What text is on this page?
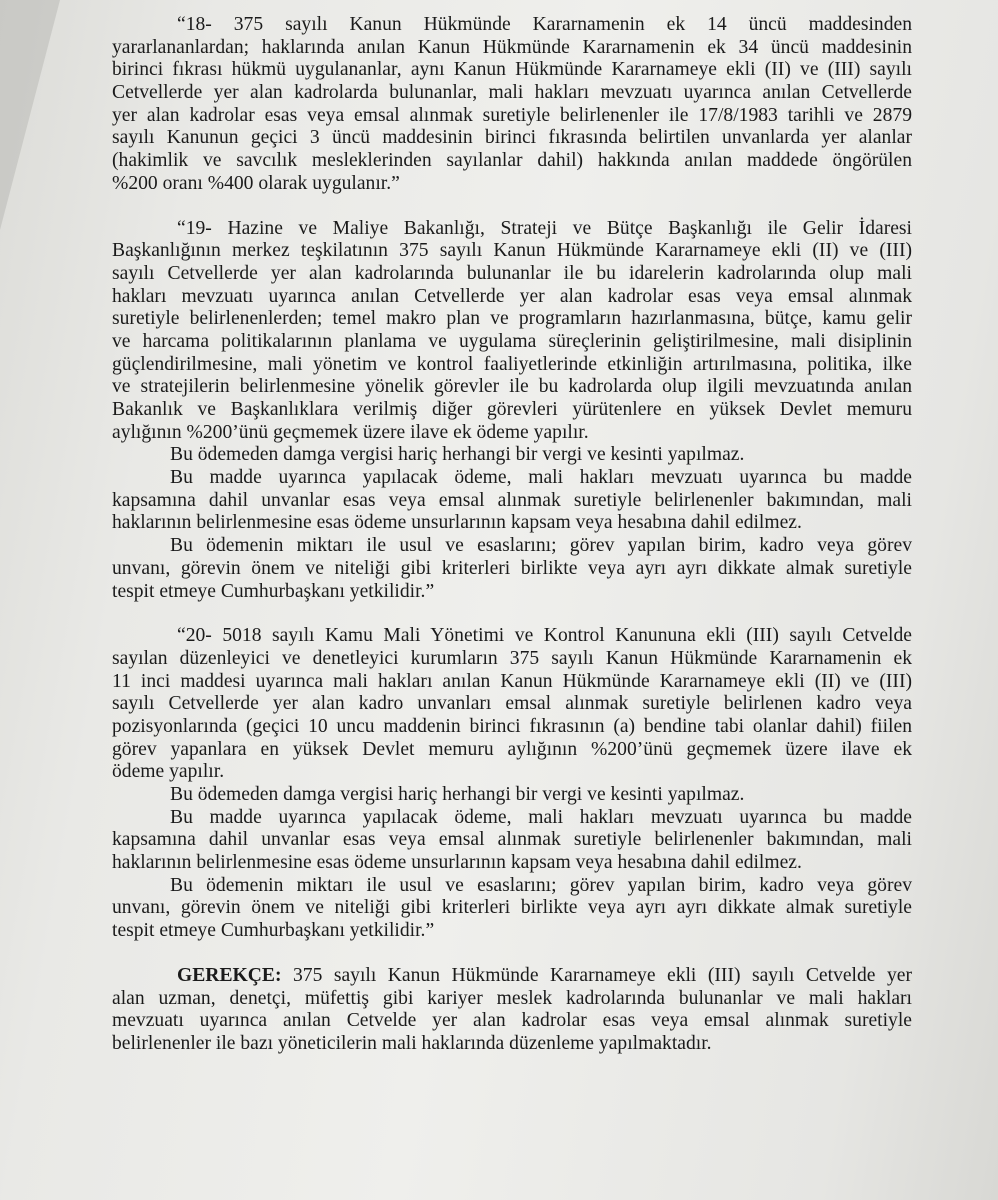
“18- 375 sayılı Kanun Hükmünde Kararnamenin ek 14 üncü maddesinden
yararlananlardan; haklarında anılan Kanun Hükmünde Kararnamenin ek 34 üncü maddesinin
birinci fıkrası hükmü uygulananlar, aynı Kanun Hükmünde Kararnameye ekli (II) ve (III) sayılı
Cetvellerde yer alan kadrolarda bulunanlar, mali hakları mevzuatı uyarınca anılan Cetvellerde
yer alan kadrolar esas veya emsal alınmak suretiyle belirlenenler ile 17/8/1983 tarihli ve 2879
sayılı Kanunun geçici 3 üncü maddesinin birinci fıkrasında belirtilen unvanlarda yer alanlar
(hakimlik ve savcılık mesleklerinden sayılanlar dahil) hakkında anılan maddede öngörülen
%200 oranı %400 olarak uygulanır.”
“19- Hazine ve Maliye Bakanlığı, Strateji ve Bütçe Başkanlığı ile Gelir İdaresi
Başkanlığının merkez teşkilatının 375 sayılı Kanun Hükmünde Kararnameye ekli (II) ve (III)
sayılı Cetvellerde yer alan kadrolarında bulunanlar ile bu idarelerin kadrolarında olup mali
hakları mevzuatı uyarınca anılan Cetvellerde yer alan kadrolar esas veya emsal alınmak
suretiyle belirlenenlerden; temel makro plan ve programların hazırlanmasına, bütçe, kamu gelir
ve harcama politikalarının planlama ve uygulama süreçlerinin geliştirilmesine, mali disiplinin
güçlendirilmesine, mali yönetim ve kontrol faaliyetlerinde etkinliğin artırılmasına, politika, ilke
ve stratejilerin belirlenmesine yönelik görevler ile bu kadrolarda olup ilgili mevzuatında anılan
Bakanlık ve Başkanlıklara verilmiş diğer görevleri yürütenlere en yüksek Devlet memuru
aylığının %200’ünü geçmemek üzere ilave ek ödeme yapılır.
Bu ödemeden damga vergisi hariç herhangi bir vergi ve kesinti yapılmaz.
Bu madde uyarınca yapılacak ödeme, mali hakları mevzuatı uyarınca bu madde
kapsamına dahil unvanlar esas veya emsal alınmak suretiyle belirlenenler bakımından, mali
haklarının belirlenmesine esas ödeme unsurlarının kapsam veya hesabına dahil edilmez.
Bu ödemenin miktarı ile usul ve esaslarını; görev yapılan birim, kadro veya görev
unvanı, görevin önem ve niteliği gibi kriterleri birlikte veya ayrı ayrı dikkate almak suretiyle
tespit etmeye Cumhurbaşkanı yetkilidir.”
“20- 5018 sayılı Kamu Mali Yönetimi ve Kontrol Kanununa ekli (III) sayılı Cetvelde
sayılan düzenleyici ve denetleyici kurumların 375 sayılı Kanun Hükmünde Kararnamenin ek
11 inci maddesi uyarınca mali hakları anılan Kanun Hükmünde Kararnameye ekli (II) ve (III)
sayılı Cetvellerde yer alan kadro unvanları emsal alınmak suretiyle belirlenen kadro veya
pozisyonlarında (geçici 10 uncu maddenin birinci fıkrasının (a) bendine tabi olanlar dahil) fiilen
görev yapanlara en yüksek Devlet memuru aylığının %200’ünü geçmemek üzere ilave ek
ödeme yapılır.
Bu ödemeden damga vergisi hariç herhangi bir vergi ve kesinti yapılmaz.
Bu madde uyarınca yapılacak ödeme, mali hakları mevzuatı uyarınca bu madde
kapsamına dahil unvanlar esas veya emsal alınmak suretiyle belirlenenler bakımından, mali
haklarının belirlenmesine esas ödeme unsurlarının kapsam veya hesabına dahil edilmez.
Bu ödemenin miktarı ile usul ve esaslarını; görev yapılan birim, kadro veya görev
unvanı, görevin önem ve niteliği gibi kriterleri birlikte veya ayrı ayrı dikkate almak suretiyle
tespit etmeye Cumhurbaşkanı yetkilidir.”
GEREKÇE: 375 sayılı Kanun Hükmünde Kararnameye ekli (III) sayılı Cetvelde yer
alan uzman, denetçi, müfettiş gibi kariyer meslek kadrolarında bulunanlar ve mali hakları
mevzuatı uyarınca anılan Cetvelde yer alan kadrolar esas veya emsal alınmak suretiyle
belirlenenler ile bazı yöneticilerin mali haklarında düzenleme yapılmaktadır.
